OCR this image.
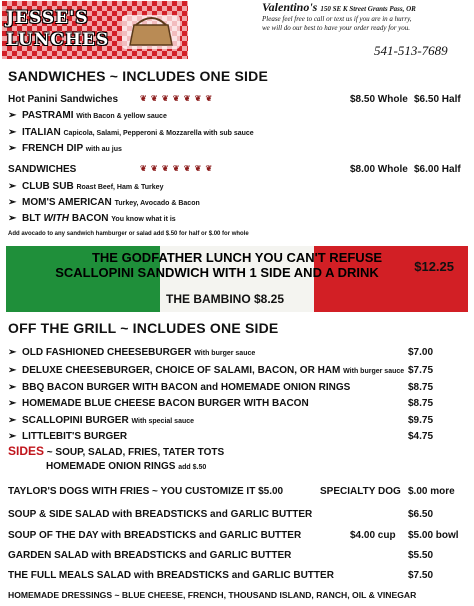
JESSE'S LUNCHES
Valentino's 150 SE K Street Grants Pass, OR
Please feel free to call or text us if you are in a hurry,
we will do our best to have your order ready for you.
541-513-7689
SANDWICHES ~ INCLUDES ONE SIDE
Hot Panini Sandwiches	❦ ❦ ❦ ❦ ❦ ❦ ❦	$8.50 Whole $6.50 Half
➢ PASTRAMI With Bacon & yellow sauce
➢ ITALIAN Capicola, Salami, Pepperoni & Mozzarella with sub sauce
➢ FRENCH DIP with au jus
SANDWICHES	❦ ❦ ❦ ❦ ❦ ❦ ❦	$8.00 Whole $6.00 Half
➢ CLUB SUB Roast Beef, Ham & Turkey
➢ MOM'S AMERICAN Turkey, Avocado & Bacon
➢ BLT WITH BACON You know what it is
Add avocado to any sandwich hamburger or salad add $.50 for half or $.00 for whole
THE GODFATHER LUNCH YOU CAN'T REFUSE
SCALLOPINI SANDWICH WITH 1 SIDE AND A DRINK	$12.25
THE BAMBINO $8.25
OFF THE GRILL ~ INCLUDES ONE SIDE
➢ OLD FASHIONED CHEESEBURGER With burger sauce	$7.00
➢ DELUXE CHEESEBURGER, CHOICE OF SALAMI, BACON, OR HAM With burger sauce $7.75
➢ BBQ BACON BURGER WITH BACON and HOMEMADE ONION RINGS	$8.75
➢ HOMEMADE BLUE CHEESE BACON BURGER WITH BACON	$8.75
➢ SCALLOPINI BURGER With special sauce	$9.75
➢ LITTLEBIT'S BURGER	$4.75
SIDES ~ SOUP, SALAD, FRIES, TATER TOTS
HOMEMADE ONION RINGS add $.50
TAYLOR'S DOGS WITH FRIES ~ YOU CUSTOMIZE IT $5.00	SPECIALTY DOG $.00 more
SOUP & SIDE SALAD with BREADSTICKS and GARLIC BUTTER	$6.50
SOUP OF THE DAY with BREADSTICKS and GARLIC BUTTER	$4.00 cup $5.00 bowl
GARDEN SALAD with BREADSTICKS and GARLIC BUTTER	$5.50
THE FULL MEALS SALAD with BREADSTICKS and GARLIC BUTTER	$7.50
HOMEMADE DRESSINGS ~ BLUE CHEESE, FRENCH, THOUSAND ISLAND, RANCH, OIL & VINEGAR
